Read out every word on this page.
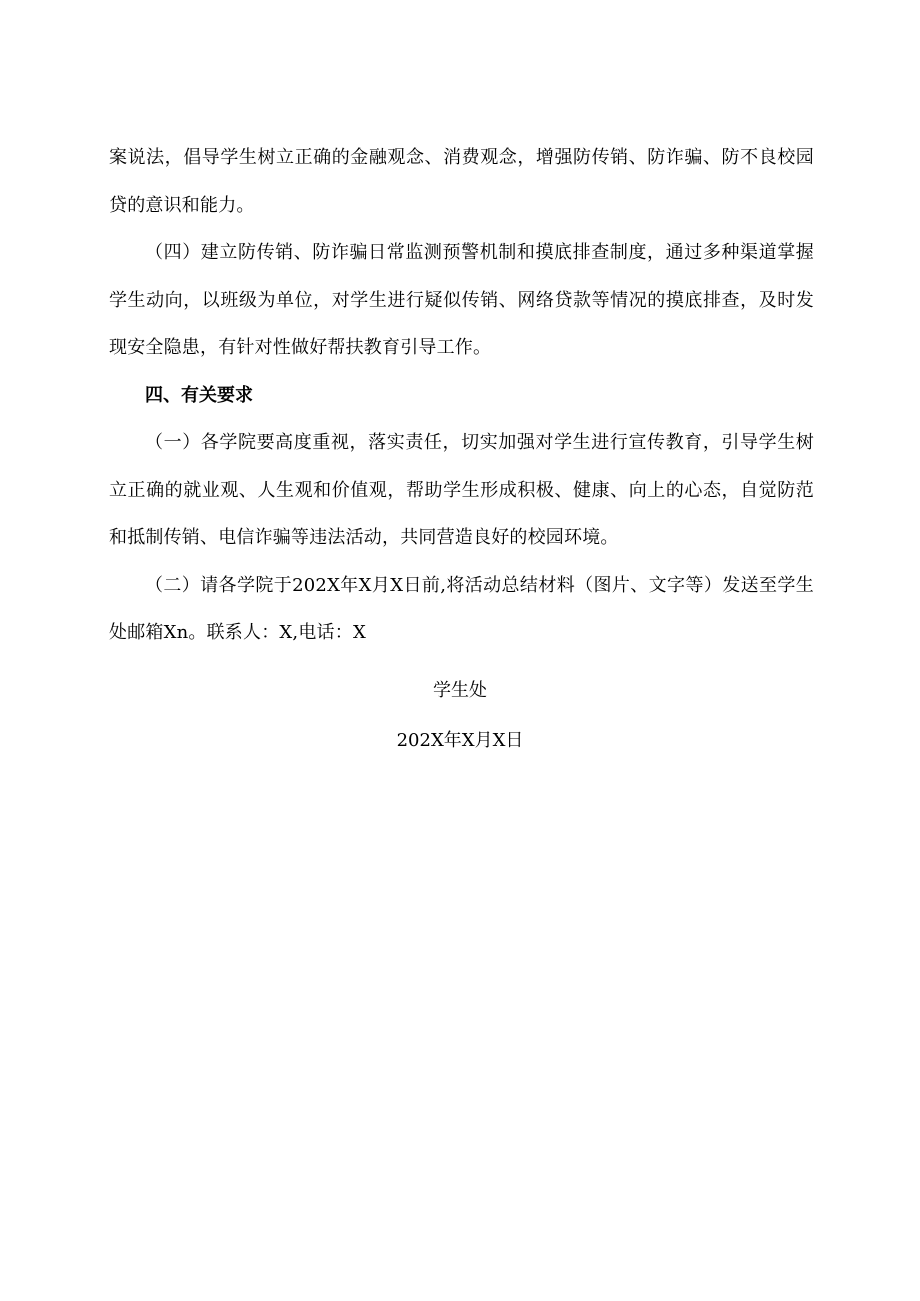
案说法，倡导学生树立正确的金融观念、消费观念，增强防传销、防诈骗、防不良校园贷的意识和能力。

（四）建立防传销、防诈骗日常监测预警机制和摸底排查制度，通过多种渠道掌握学生动向，以班级为单位，对学生进行疑似传销、网络贷款等情况的摸底排查，及时发现安全隐患，有针对性做好帮扶教育引导工作。

四、有关要求

（一）各学院要高度重视，落实责任，切实加强对学生进行宣传教育，引导学生树立正确的就业观、人生观和价值观，帮助学生形成积极、健康、向上的心态，自觉防范和抵制传销、电信诈骗等违法活动，共同营造良好的校园环境。

（二）请各学院于202X年X月X日前,将活动总结材料（图片、文字等）发送至学生处邮箱Xn。联系人：X,电话：X

学生处

202X年X月X日
